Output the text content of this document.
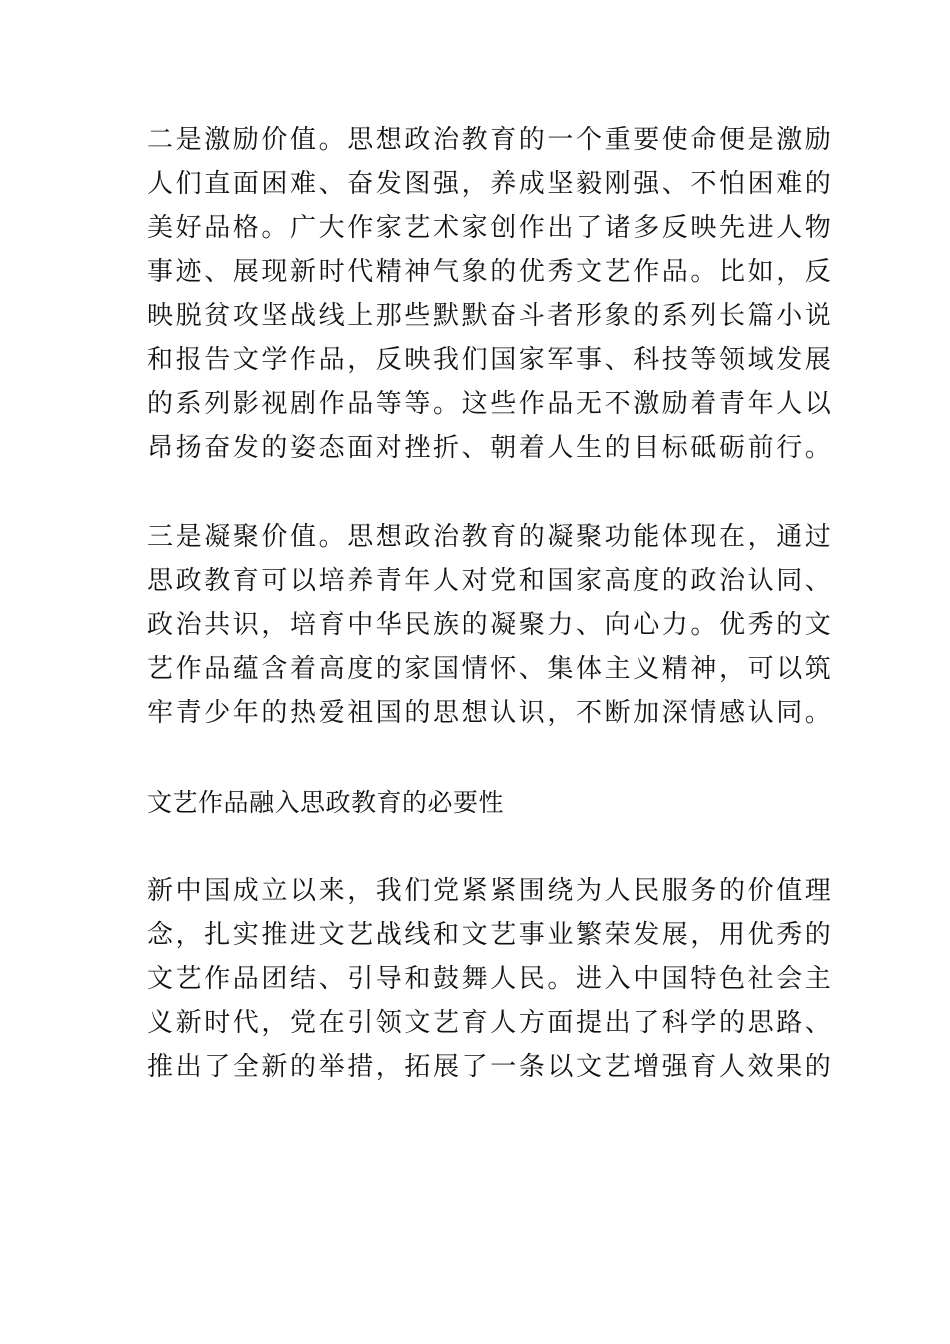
二是激励价值。思想政治教育的一个重要使命便是激励
人们直面困难、奋发图强，养成坚毅刚强、不怕困难的
美好品格。广大作家艺术家创作出了诸多反映先进人物
事迹、展现新时代精神气象的优秀文艺作品。比如，反
映脱贫攻坚战线上那些默默奋斗者形象的系列长篇小说
和报告文学作品，反映我们国家军事、科技等领域发展
的系列影视剧作品等等。这些作品无不激励着青年人以
昂扬奋发的姿态面对挫折、朝着人生的目标砥砺前行。
三是凝聚价值。思想政治教育的凝聚功能体现在，通过
思政教育可以培养青年人对党和国家高度的政治认同、
政治共识，培育中华民族的凝聚力、向心力。优秀的文
艺作品蕴含着高度的家国情怀、集体主义精神，可以筑
牢青少年的热爱祖国的思想认识，不断加深情感认同。
文艺作品融入思政教育的必要性
新中国成立以来，我们党紧紧围绕为人民服务的价值理
念，扎实推进文艺战线和文艺事业繁荣发展，用优秀的
文艺作品团结、引导和鼓舞人民。进入中国特色社会主
义新时代，党在引领文艺育人方面提出了科学的思路、
推出了全新的举措，拓展了一条以文艺增强育人效果的
